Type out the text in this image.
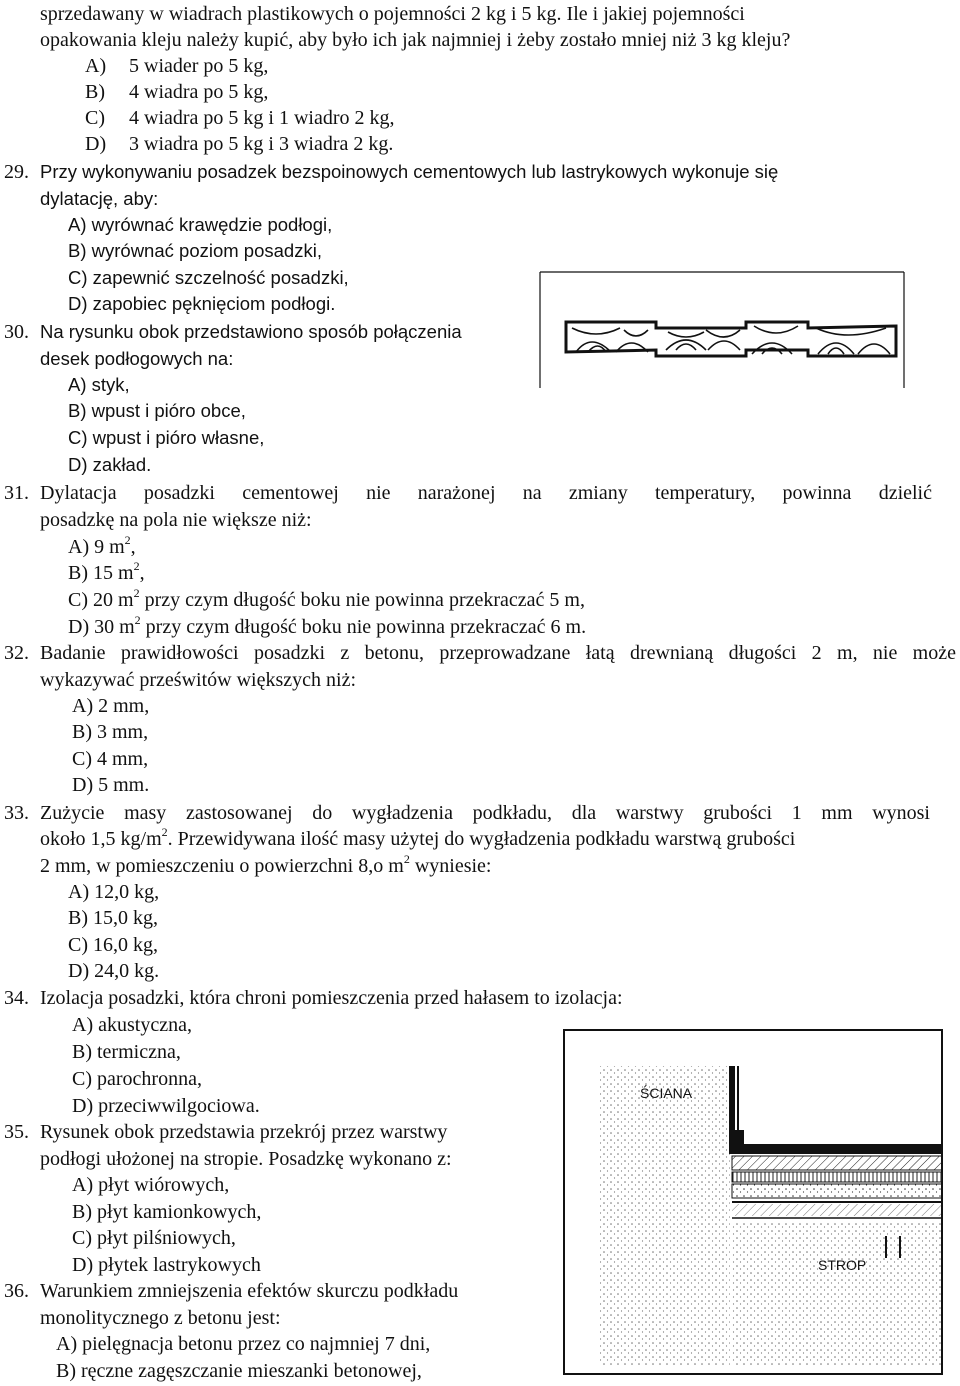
sprzedawany w wiadrach plastikowych o pojemności 2 kg i 5 kg. Ile i jakiej pojemności
opakowania kleju należy kupić, aby było ich jak najmniej i żeby zostało mniej niż 3 kg kleju?
A) 5 wiader po 5 kg,
B) 4 wiadra po 5 kg,
C) 4 wiadra po 5 kg i 1 wiadro 2 kg,
D) 3 wiadra po 5 kg i 3 wiadra 2 kg.
29. Przy wykonywaniu posadzek bezspoinowych cementowych lub lastrykowych wykonuje się
dylatację, aby:
A) wyrównać krawędzie podłogi,
B) wyrównać poziom posadzki,
C) zapewnić szczelność posadzki,
D) zapobiec pęknięciom podłogi.
30. Na rysunku obok przedstawiono sposób połączenia
desek podłogowych na:
A) styk,
B) wpust i pióro obce,
C) wpust i pióro własne,
D) zakład.
31. Dylatacja posadzki cementowej nie narażonej na zmiany temperatury, powinna dzielić
posadzkę na pola nie większe niż:
A) 9 $m^2$,
B) 15 $m^2$,
C) 20 $m^2$ przy czym długość boku nie powinna przekraczać 5 m,
D) 30 $m^2$ przy czym długość boku nie powinna przekraczać 6 m.
32. Badanie prawidłowości posadzki z betonu, przeprowadzane łatą drewnianą długości 2 m, nie może
wykazywać prześwitów większych niż:
A) 2 mm,
B) 3 mm,
C) 4 mm,
D) 5 mm.
33. Zużycie masy zastosowanej do wygładzenia podkładu, dla warstwy grubości 1 mm wynosi
około 1,5 $kg/m^2$. Przewidywana ilość masy użytej do wygładzenia podkładu warstwą grubości
2 mm, w pomieszczeniu o powierzchni 8,o $m^2$ wyniesie:
A) 12,0 kg,
B) 15,0 kg,
C) 16,0 kg,
D) 24,0 kg.
34. Izolacja posadzki, która chroni pomieszczenia przed hałasem to izolacja:
A) akustyczna,
B) termiczna,
C) parochronna,
D) przeciwwilgociowa.
ŚCIANA
STROP
35. Rysunek obok przedstawia przekrój przez warstwy
podłogi ułożonej na stropie. Posadzkę wykonano z:
A) płyt wiórowych,
B) płyt kamionkowych,
C) płyt pilśniowych,
D) płytek lastrykowych
36. Warunkiem zmniejszenia efektów skurczu podkładu
monolitycznego z betonu jest:
A) pielęgnacja betonu przez co najmniej 7 dni,
B) ręczne zagęszczanie mieszanki betonowej,
